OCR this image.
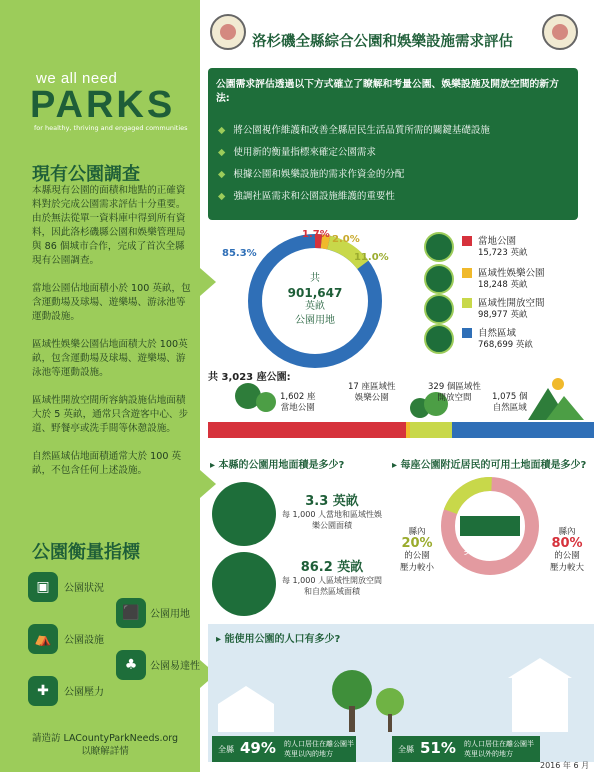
we all need
PARKS
for healthy, thriving and engaged communities
現有公園調查
本縣現有公園的面積和地點的正確資料對於完成公園需求評估十分重要。由於無法從單一資料庫中得到所有資料，因此洛杉磯縣公園和娛樂管理局與 86 個城市合作，完成了首次全縣現有公園調查。
當地公園佔地面積小於 100 英畝，包含運動場及球場、遊樂場、游泳池等運動設施。
區域性娛樂公園佔地面積大於 100英畝，包含運動場及球場、遊樂場、游泳池等運動設施。
區域性開放空間所容納設施佔地面積大於 5 英畝，通常只含遊客中心、步道、野餐亭或洗手間等休憩設施。
自然區域佔地面積通常大於 100 英畝，不包含任何上述設施。
公園衡量指標
▣	公園狀況
⬛	公園用地
⛺	公園設施
♣	公園易達性
✚	公園壓力
請造訪 LACountyParkNeeds.org
以瞭解詳情
洛杉磯全縣綜合公園和娛樂設施需求評估
公園需求評估透過以下方式確立了瞭解和考量公園、娛樂設施及開放空間的新方法:
◆ 將公園視作維護和改善全縣居民生活品質所需的關鍵基礎設施
◆ 使用新的衡量指標來確定公園需求
◆ 根據公園和娛樂設施的需求作資金的分配
◆ 強調社區需求和公園設施維護的重要性
共
901,647
英畝
公園用地
85.3%
1.7% 2.0%
11.0%
當地公園
15,723 英畝
區域性娛樂公園
18,248 英畝
區域性開放空間
98,977 英畝
自然區域
768,699 英畝
共 3,023 座公園:
1,602 座
當地公園
17 座區域性
娛樂公園
329 個區域性
開放空間	1,075 個
自然區域
▸ 本縣的公園用地面積是多少?
3.3 英畝
每 1,000 人當地和區域性娛樂公園面積
86.2 英畝
每 1,000 人區域性開放空間和自然區域面積
▸ 每座公園附近居民的可用土地面積是多少?
英畝/千人
縣內
20%
的公園
壓力較小
縣內
80%
的公園
壓力較大
▸ 能使用公園的人口有多少?
全縣 49% 的人口居住在離公園半英里以內的地方	全縣 51% 的人口居住在離公園半英里以外的地方
2016 年 6 月
